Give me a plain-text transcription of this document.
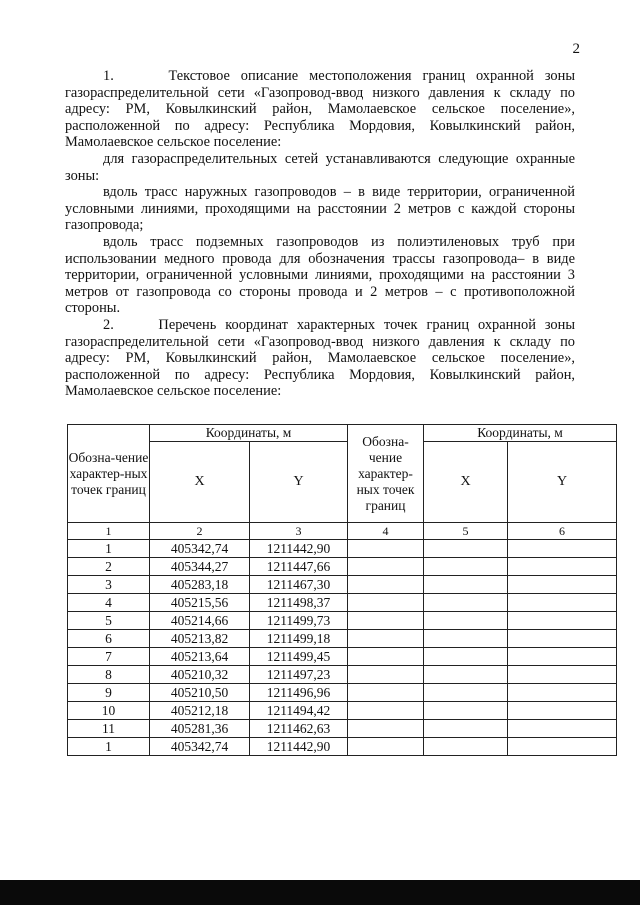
2

1.     Текстовое описание местоположения границ охранной зоны газораспределительной сети «Газопровод-ввод низкого давления к складу по адресу: РМ, Ковылкинский район, Мамолаевское сельское поселение», расположенной по адресу: Республика Мордовия, Ковылкинский район, Мамолаевское сельское поселение:

для газораспределительных сетей устанавливаются следующие охранные зоны:

вдоль трасс наружных газопроводов – в виде территории, ограниченной условными линиями, проходящими на расстоянии 2 метров с каждой стороны газопровода;

вдоль трасс подземных газопроводов из полиэтиленовых труб при использовании медного провода для обозначения трассы газопровода– в виде территории, ограниченной условными линиями, проходящими на расстоянии 3 метров от газопровода со стороны провода и 2 метров – с противоположной стороны.

2.     Перечень координат характерных точек границ охранной зоны газораспределительной сети «Газопровод-ввод низкого давления к складу по адресу: РМ, Ковылкинский район, Мамолаевское сельское поселение», расположенной по адресу: Республика Мордовия, Ковылкинский район, Мамолаевское сельское поселение:

Обозна-чение характер-ных точек границ	Координаты, м		Обозна-чение характер-ных точек границ	Координаты, м	
	X	Y		X	Y
1	2	3	4	5	6
1	405342,74	1211442,90			
2	405344,27	1211447,66			
3	405283,18	1211467,30			
4	405215,56	1211498,37			
5	405214,66	1211499,73			
6	405213,82	1211499,18			
7	405213,64	1211499,45			
8	405210,32	1211497,23			
9	405210,50	1211496,96			
10	405212,18	1211494,42			
11	405281,36	1211462,63			
1	405342,74	1211442,90			
